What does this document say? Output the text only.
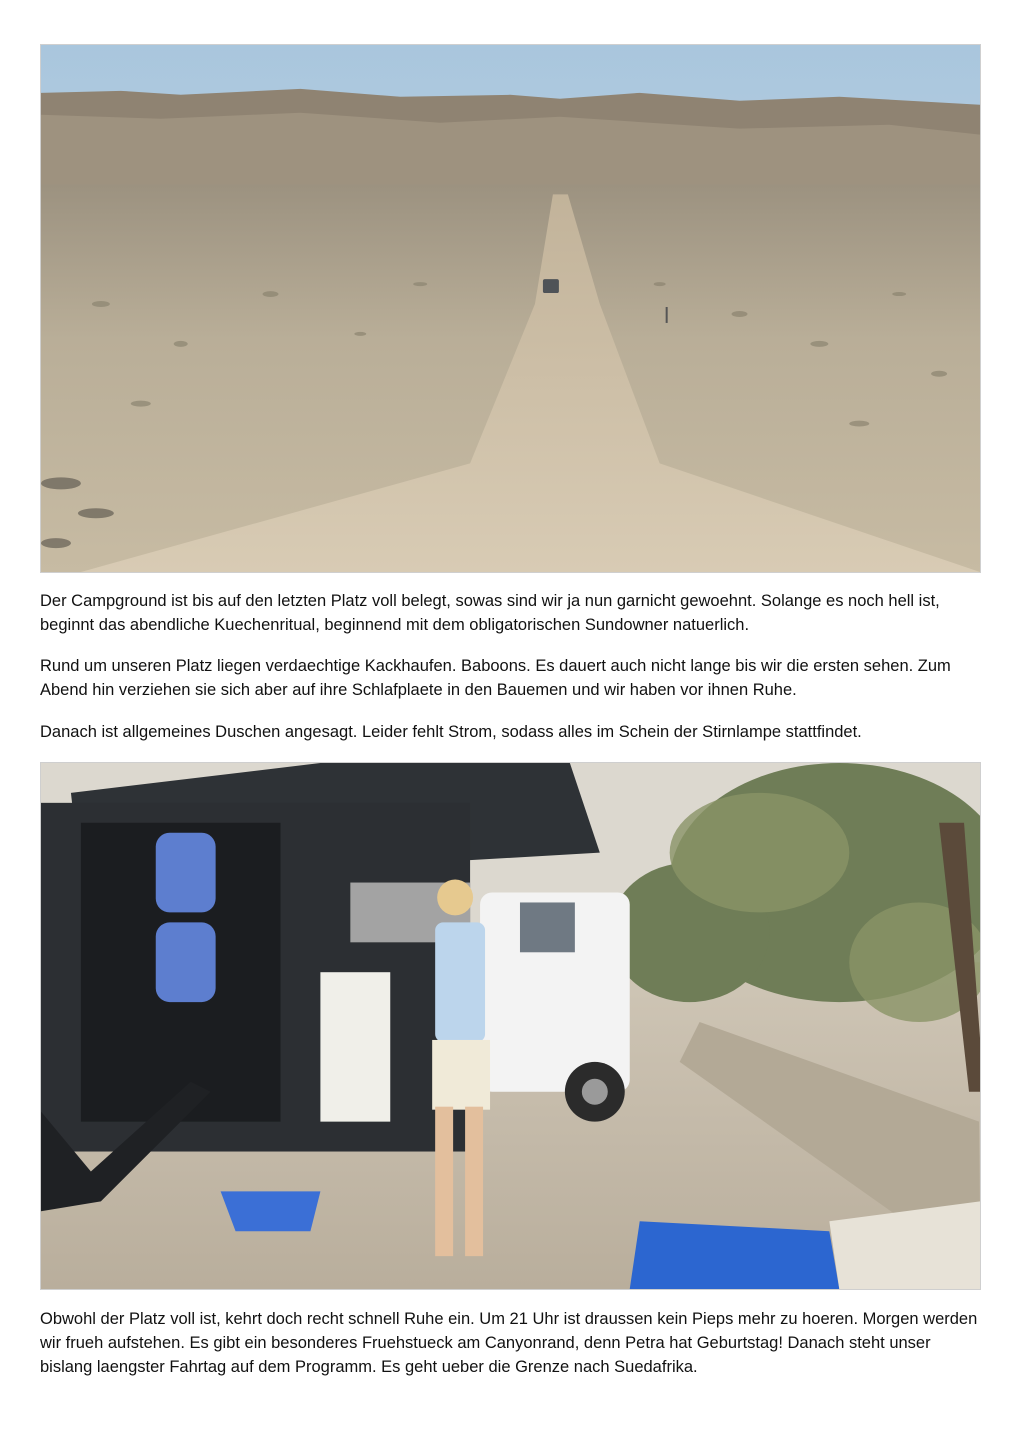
Der Campground ist bis auf den letzten Platz voll belegt, sowas sind wir ja nun garnicht gewoehnt. Solange es noch hell ist, beginnt das abendliche Kuechenritual, beginnend mit dem obligatorischen Sundowner natuerlich.

Rund um unseren Platz liegen verdaechtige Kackhaufen. Baboons. Es dauert auch nicht lange bis wir die ersten sehen. Zum Abend hin verziehen sie sich aber auf ihre Schlafplaete in den Bauemen und wir haben vor ihnen Ruhe.

Danach ist allgemeines Duschen angesagt. Leider fehlt Strom, sodass alles im Schein der Stirnlampe stattfindet.

Obwohl der Platz voll ist, kehrt doch recht schnell Ruhe ein. Um 21 Uhr ist draussen kein Pieps mehr zu hoeren. Morgen werden wir frueh aufstehen. Es gibt ein besonderes Fruehstueck am Canyonrand, denn Petra hat Geburtstag! Danach steht unser bislang laengster Fahrtag auf dem Programm. Es geht ueber die Grenze nach Suedafrika.
